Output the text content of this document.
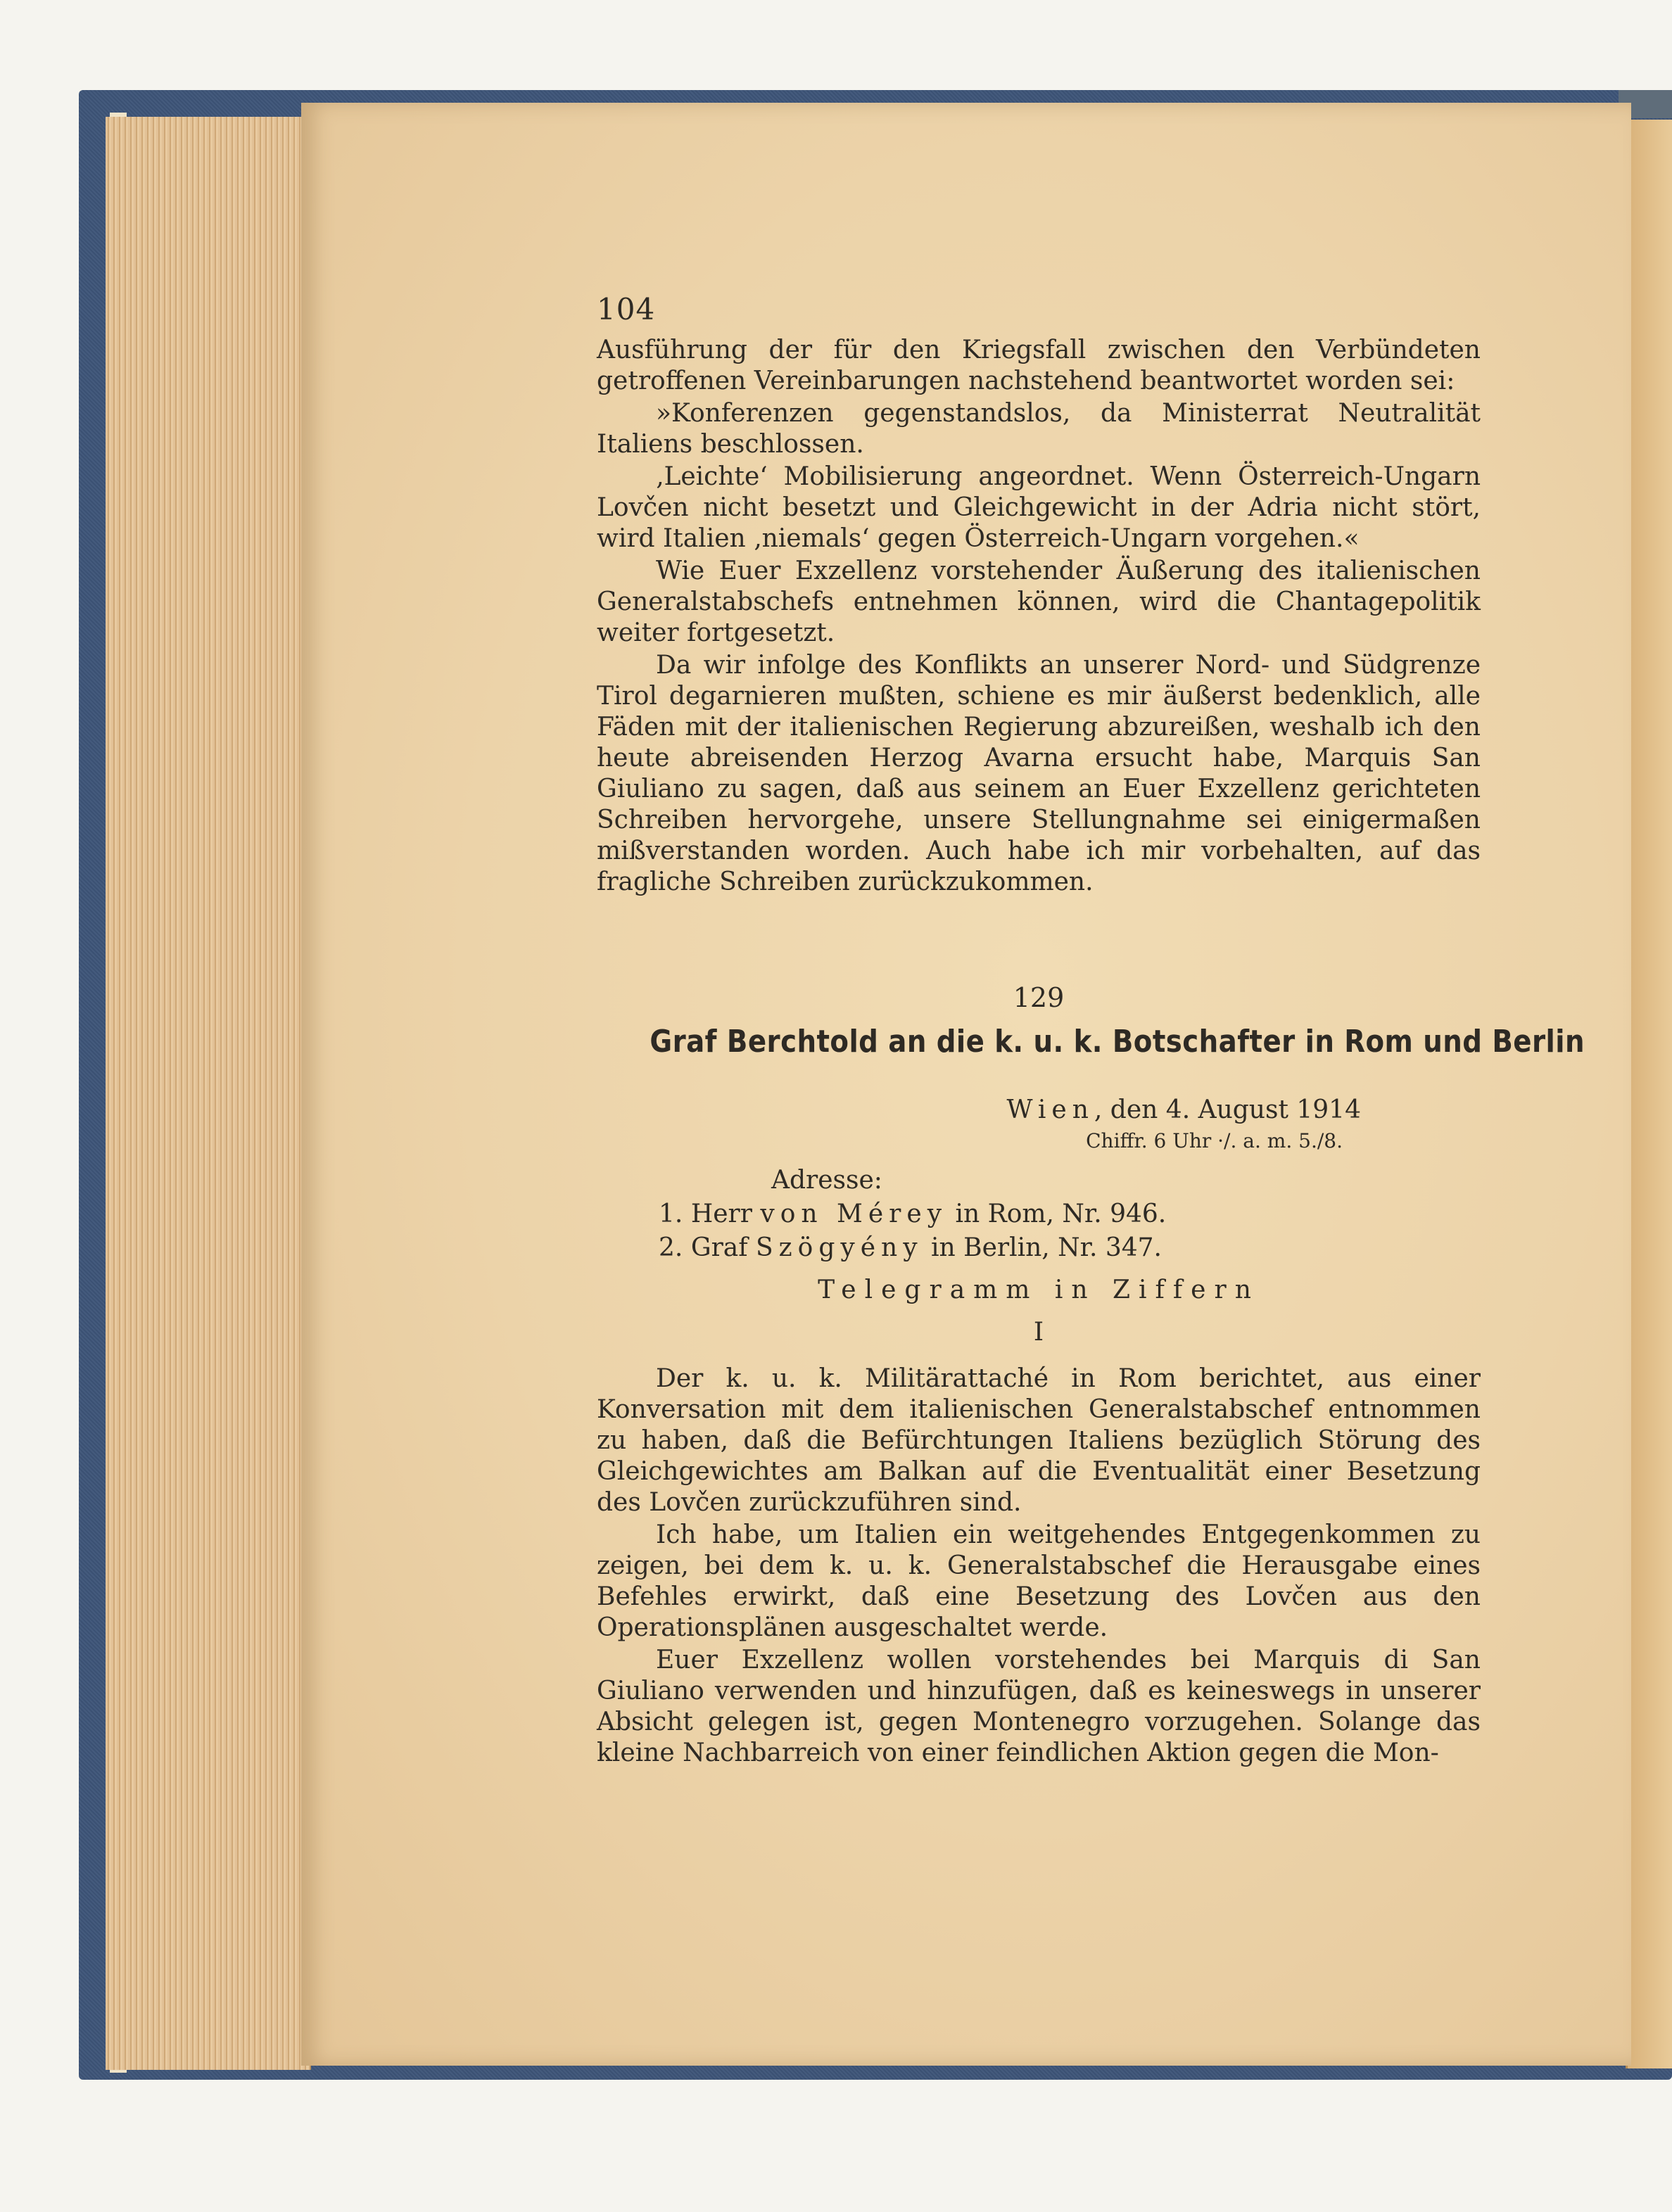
104

Ausführung der für den Kriegsfall zwischen den Verbündeten getroffenen Vereinbarungen nachstehend beantwortet worden sei:

»Konferenzen gegenstandslos, da Ministerrat Neutralität Italiens beschlossen.

‚Leichte‘ Mobilisierung angeordnet. Wenn Österreich-Ungarn Lovčen nicht besetzt und Gleichgewicht in der Adria nicht stört, wird Italien ‚niemals‘ gegen Österreich-Ungarn vorgehen.«

Wie Euer Exzellenz vorstehender Äußerung des italienischen Generalstabschefs entnehmen können, wird die Chantagepolitik weiter fortgesetzt.

Da wir infolge des Konflikts an unserer Nord- und Südgrenze Tirol degarnieren mußten, schiene es mir äußerst bedenklich, alle Fäden mit der italienischen Regierung abzureißen, weshalb ich den heute abreisenden Herzog Avarna ersucht habe, Marquis San Giuliano zu sagen, daß aus seinem an Euer Exzellenz gerichteten Schreiben hervorgehe, unsere Stellungnahme sei einigermaßen mißverstanden worden. Auch habe ich mir vorbehalten, auf das fragliche Schreiben zurückzukommen.

129
Graf Berchtold an die k. u. k. Botschafter in Rom und Berlin

Wien, den 4. August 1914

Chiffr. 6 Uhr ·/. a. m. 5./8.

Adresse:

1. Herr von Mérey in Rom, Nr. 946.

2. Graf Szögyény in Berlin, Nr. 347.

Telegramm in Ziffern

I

Der k. u. k. Militärattaché in Rom berichtet, aus einer Konversation mit dem italienischen Generalstabschef entnommen zu haben, daß die Befürchtungen Italiens bezüglich Störung des Gleichgewichtes am Balkan auf die Eventualität einer Besetzung des Lovčen zurückzuführen sind.

Ich habe, um Italien ein weitgehendes Entgegenkommen zu zeigen, bei dem k. u. k. Generalstabschef die Herausgabe eines Befehles erwirkt, daß eine Besetzung des Lovčen aus den Operationsplänen ausgeschaltet werde.

Euer Exzellenz wollen vorstehendes bei Marquis di San Giuliano verwenden und hinzufügen, daß es keineswegs in unserer Absicht gelegen ist, gegen Montenegro vorzugehen. Solange das kleine Nachbarreich von einer feindlichen Aktion gegen die Mon-
